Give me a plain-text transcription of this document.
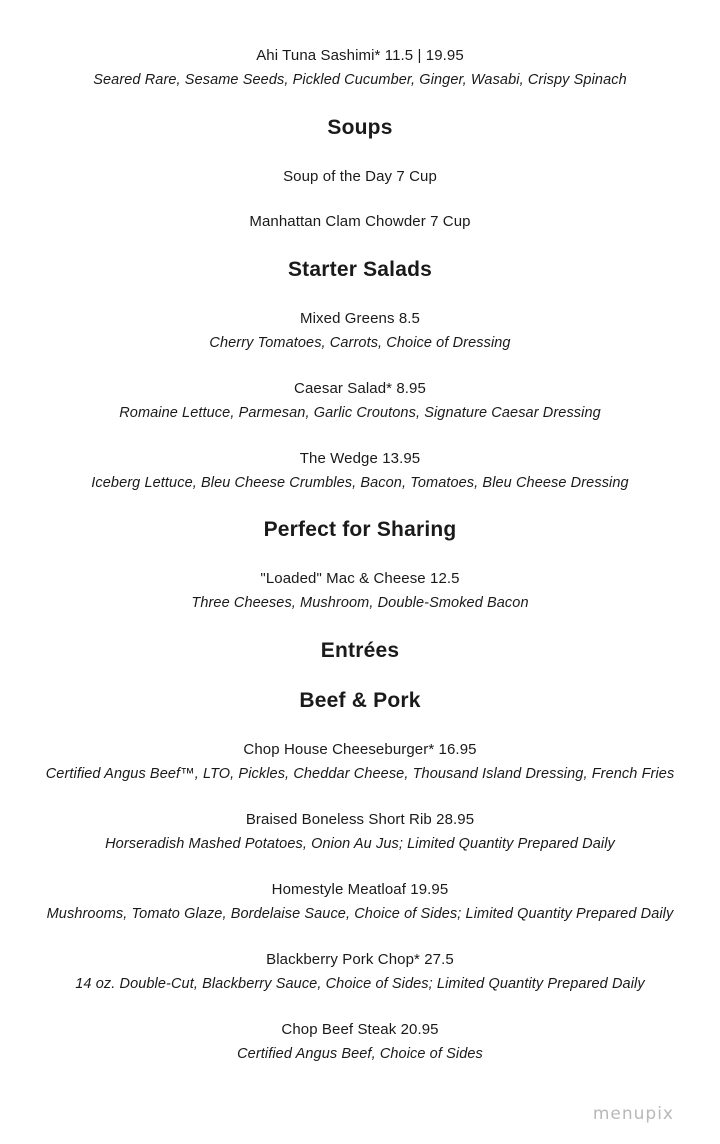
Ahi Tuna Sashimi* 11.5 | 19.95
Seared Rare, Sesame Seeds, Pickled Cucumber, Ginger, Wasabi, Crispy Spinach
Soups
Soup of the Day 7 Cup
Manhattan Clam Chowder 7 Cup
Starter Salads
Mixed Greens 8.5
Cherry Tomatoes, Carrots, Choice of Dressing
Caesar Salad* 8.95
Romaine Lettuce, Parmesan, Garlic Croutons, Signature Caesar Dressing
The Wedge 13.95
Iceberg Lettuce, Bleu Cheese Crumbles, Bacon, Tomatoes, Bleu Cheese Dressing
Perfect for Sharing
"Loaded" Mac & Cheese 12.5
Three Cheeses, Mushroom, Double-Smoked Bacon
Entrées
Beef & Pork
Chop House Cheeseburger* 16.95
Certified Angus Beef™, LTO, Pickles, Cheddar Cheese, Thousand Island Dressing, French Fries
Braised Boneless Short Rib 28.95
Horseradish Mashed Potatoes, Onion Au Jus; Limited Quantity Prepared Daily
Homestyle Meatloaf 19.95
Mushrooms, Tomato Glaze, Bordelaise Sauce, Choice of Sides; Limited Quantity Prepared Daily
Blackberry Pork Chop* 27.5
14 oz. Double-Cut, Blackberry Sauce, Choice of Sides; Limited Quantity Prepared Daily
Chop Beef Steak 20.95
Certified Angus Beef, Choice of Sides
menupix
